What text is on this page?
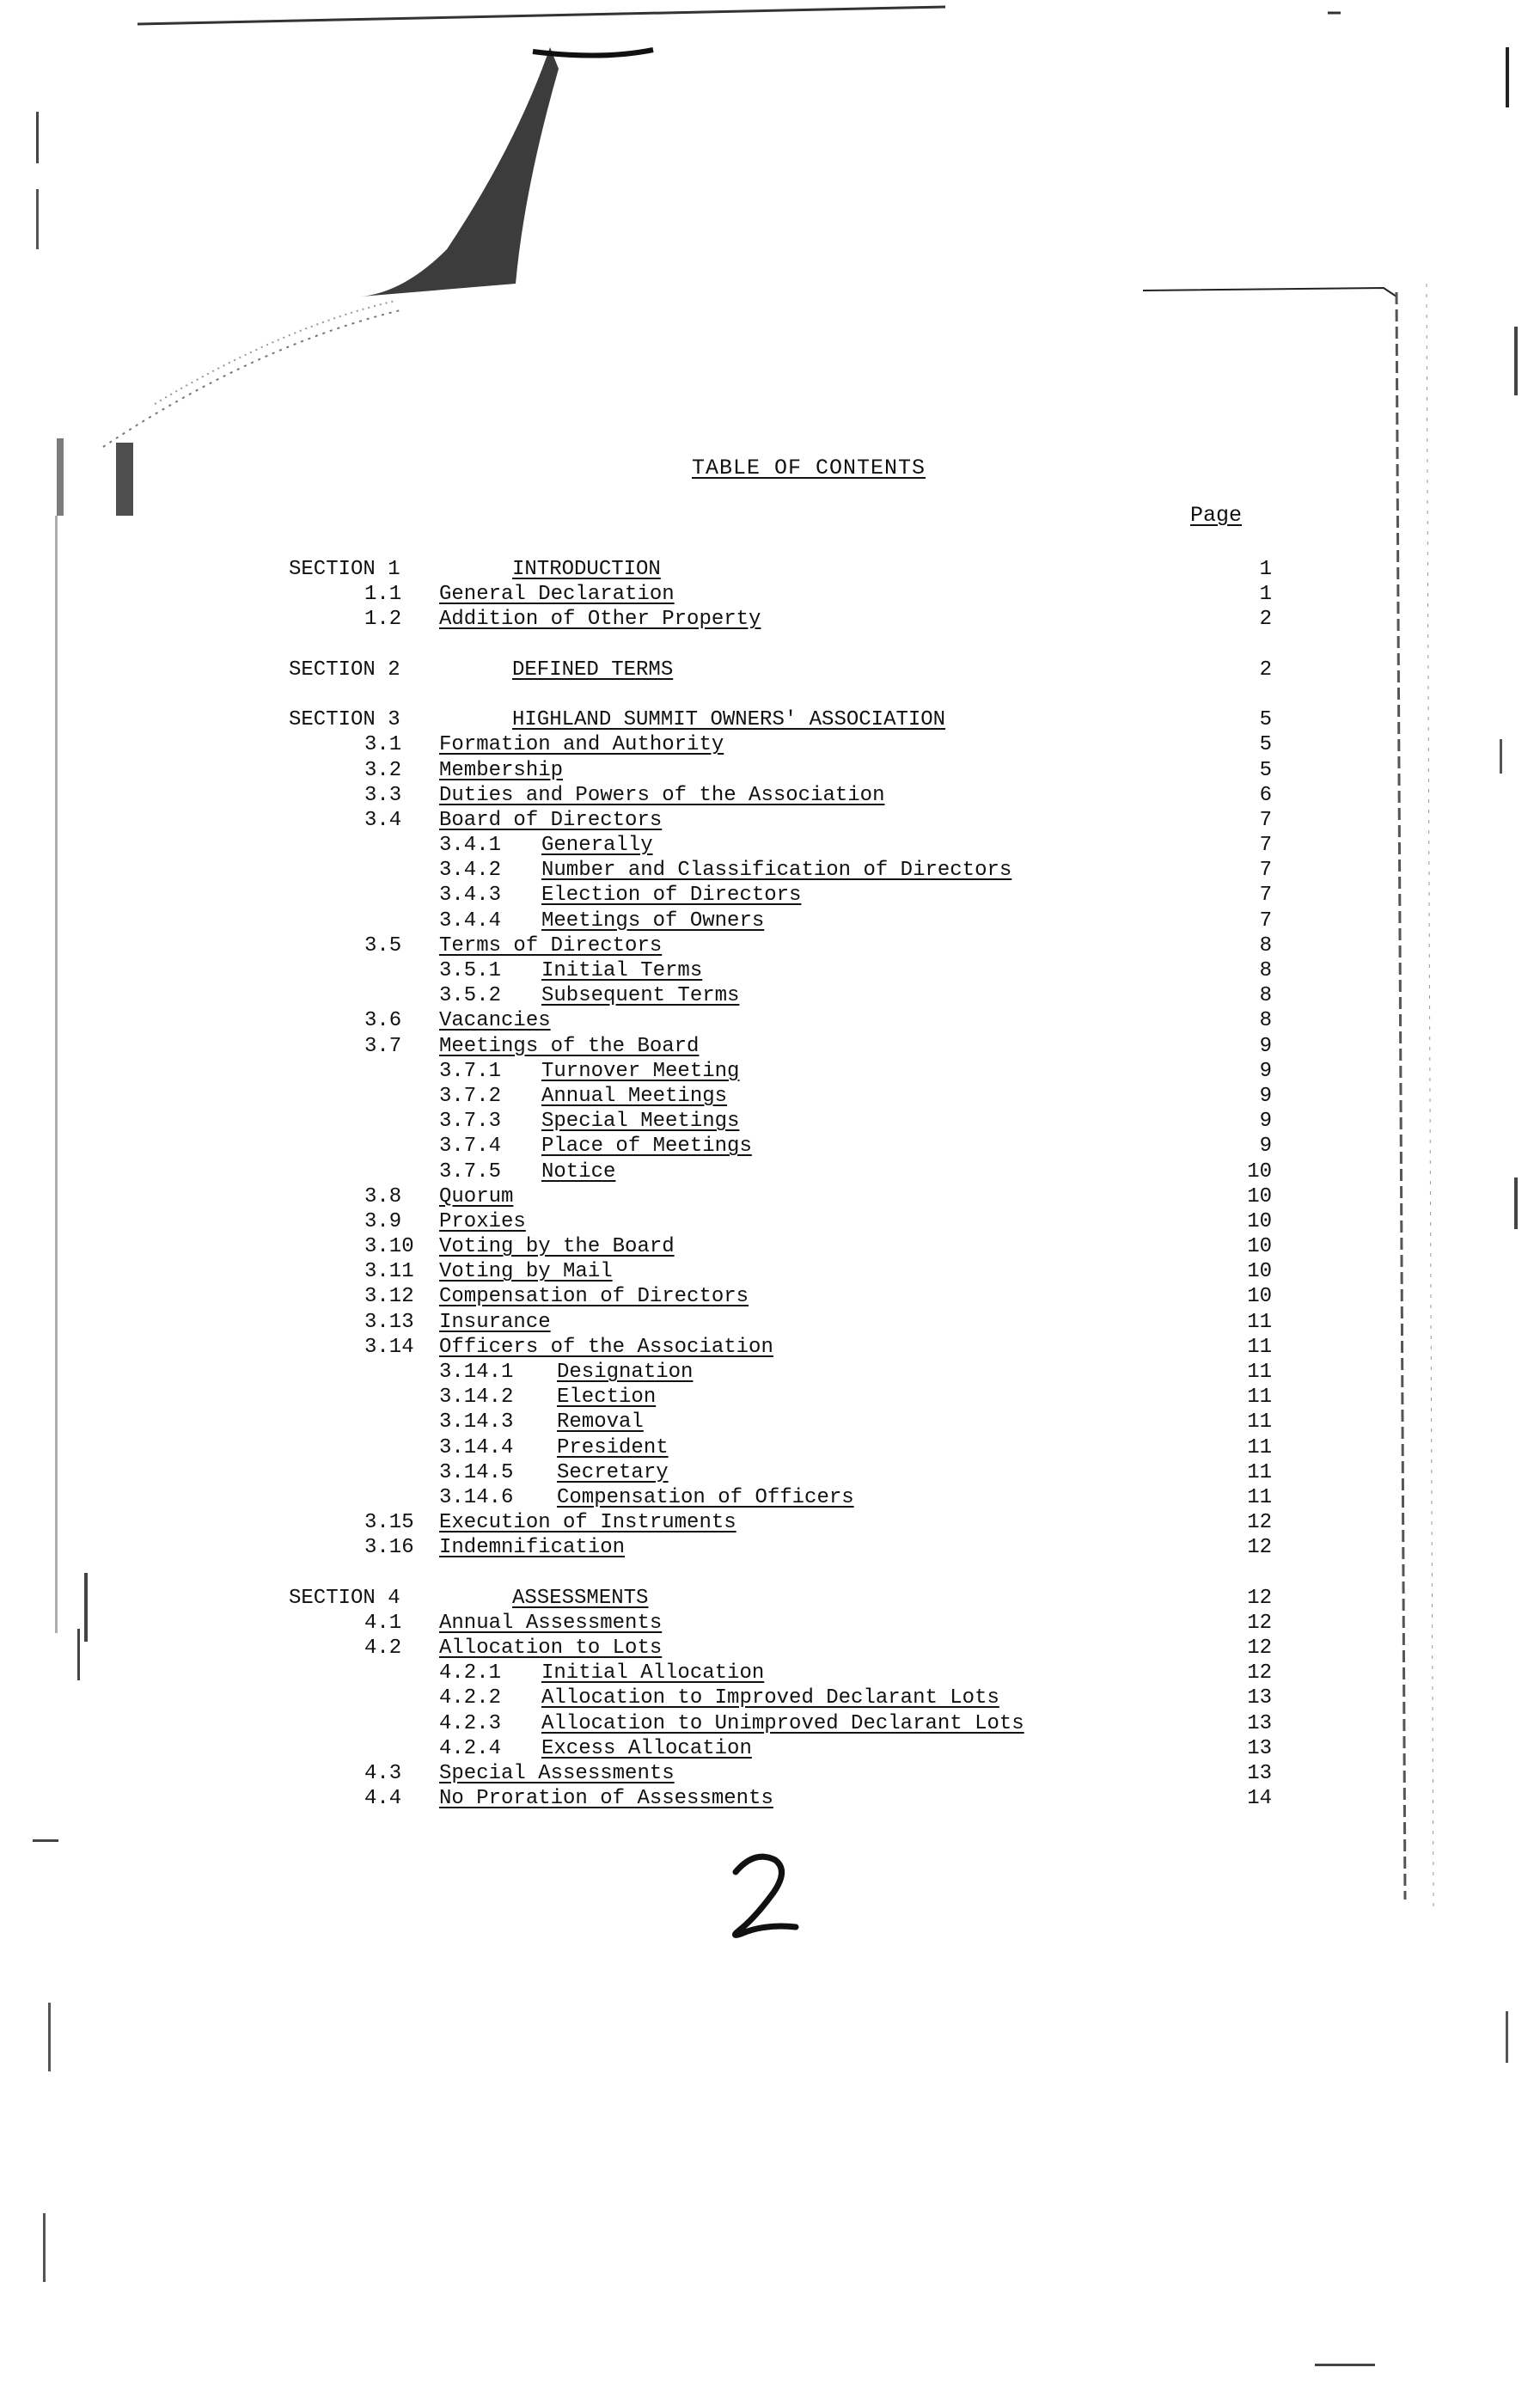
TABLE OF CONTENTS
Page
SECTION 1	INTRODUCTION	1
1.1 General Declaration	1
1.2 Addition of Other Property	2
SECTION 2	DEFINED TERMS	2
SECTION 3	HIGHLAND SUMMIT OWNERS' ASSOCIATION	5
3.1 Formation and Authority	5
3.2 Membership	5
3.3 Duties and Powers of the Association	6
3.4 Board of Directors	7
3.4.1 Generally	7
3.4.2 Number and Classification of Directors	7
3.4.3 Election of Directors	7
3.4.4 Meetings of Owners	7
3.5 Terms of Directors	8
3.5.1 Initial Terms	8
3.5.2 Subsequent Terms	8
3.6 Vacancies	8
3.7 Meetings of the Board	9
3.7.1 Turnover Meeting	9
3.7.2 Annual Meetings	9
3.7.3 Special Meetings	9
3.7.4 Place of Meetings	9
3.7.5 Notice	10
3.8 Quorum	10
3.9 Proxies	10
3.10 Voting by the Board	10
3.11 Voting by Mail	10
3.12 Compensation of Directors	10
3.13 Insurance	11
3.14 Officers of the Association	11
3.14.1 Designation	11
3.14.2 Election	11
3.14.3 Removal	11
3.14.4 President	11
3.14.5 Secretary	11
3.14.6 Compensation of Officers	11
3.15 Execution of Instruments	12
3.16 Indemnification	12
SECTION 4	ASSESSMENTS	12
4.1 Annual Assessments	12
4.2 Allocation to Lots	12
4.2.1 Initial Allocation	12
4.2.2 Allocation to Improved Declarant Lots	13
4.2.3 Allocation to Unimproved Declarant Lots	13
4.2.4 Excess Allocation	13
4.3 Special Assessments	13
4.4 No Proration of Assessments	14
